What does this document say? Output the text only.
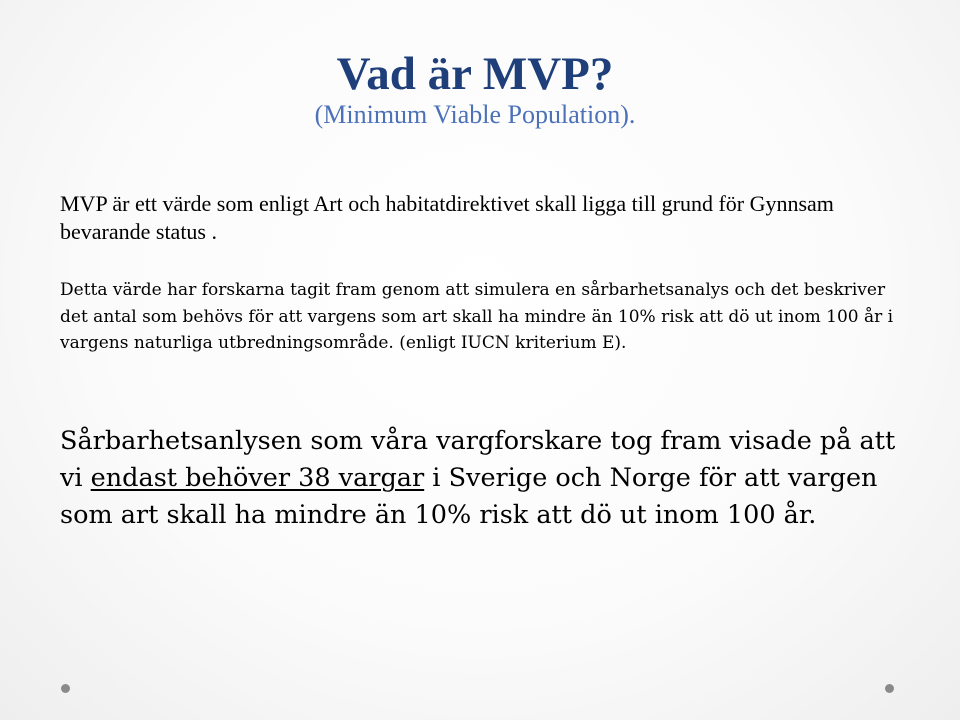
Vad är MVP?
(Minimum Viable Population).

MVP är ett värde som enligt Art och habitatdirektivet skall ligga till grund för Gynnsam bevarande status .

Detta värde har forskarna tagit fram genom att simulera en sårbarhetsanalys och det beskriver det antal som behövs för att vargens som art skall ha mindre än 10% risk att dö ut inom 100 år i vargens naturliga utbredningsområde. (enligt IUCN kriterium E).

Sårbarhetsanlysen som våra vargforskare tog fram visade på att vi endast behöver 38 vargar i Sverige och Norge för att vargen som art skall ha mindre än 10% risk att dö ut inom 100 år.
